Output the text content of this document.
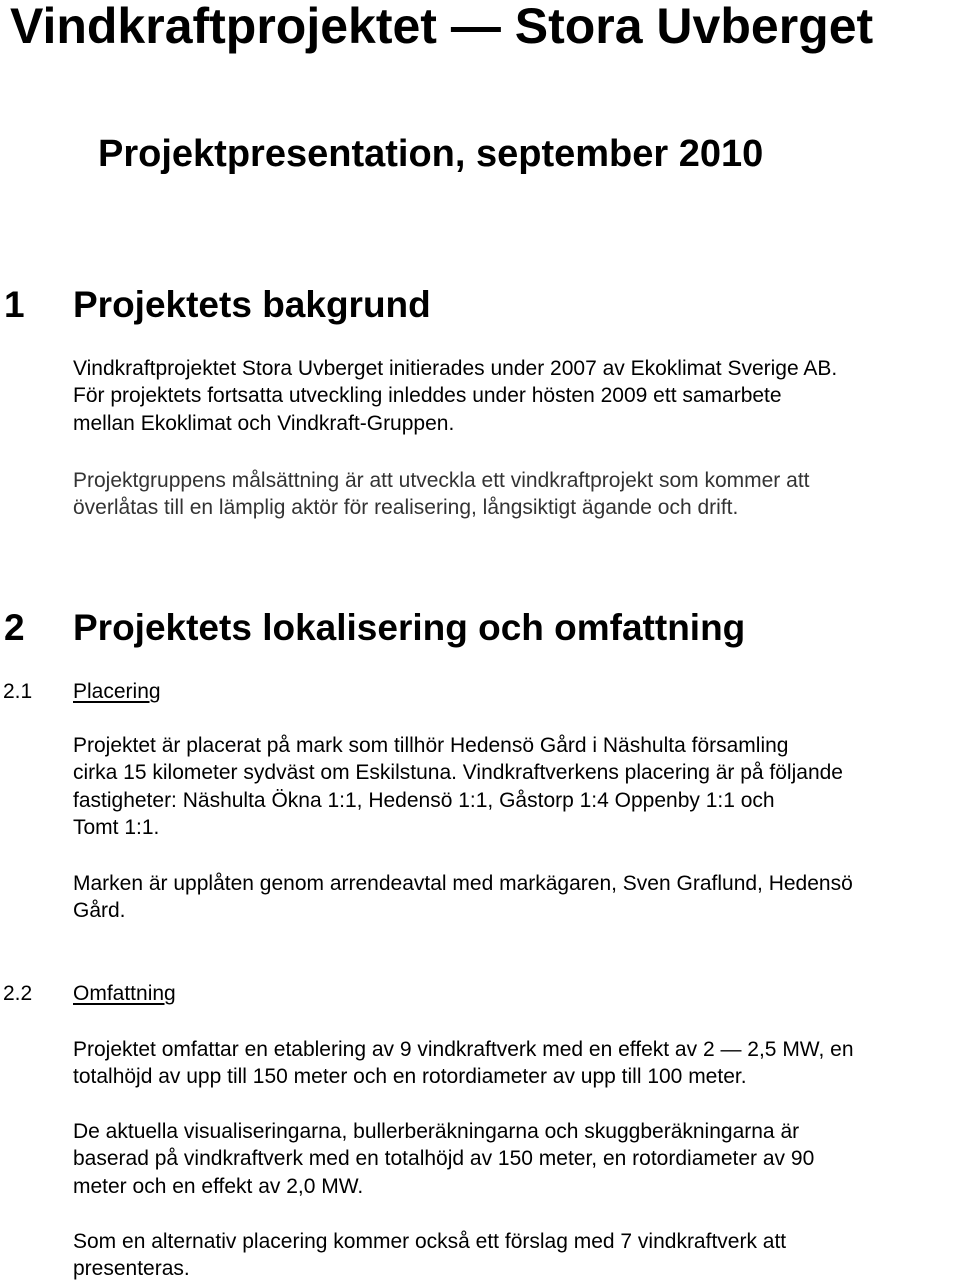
Vindkraftprojektet — Stora Uvberget
Projektpresentation, september 2010
1 Projektets bakgrund
Vindkraftprojektet Stora Uvberget initierades under 2007 av Ekoklimat Sverige AB.
För projektets fortsatta utveckling inleddes under hösten 2009 ett samarbete
mellan Ekoklimat och Vindkraft-Gruppen.
Projektgruppens målsättning är att utveckla ett vindkraftprojekt som kommer att
överlåtas till en lämplig aktör för realisering, långsiktigt ägande och drift.
2 Projektets lokalisering och omfattning
2.1 Placering
Projektet är placerat på mark som tillhör Hedensö Gård i Näshulta församling
cirka 15 kilometer sydväst om Eskilstuna. Vindkraftverkens placering är på följande
fastigheter: Näshulta Ökna 1:1, Hedensö 1:1, Gåstorp 1:4 Oppenby 1:1 och
Tomt 1:1.
Marken är upplåten genom arrendeavtal med markägaren, Sven Graflund, Hedensö
Gård.
2.2 Omfattning
Projektet omfattar en etablering av 9 vindkraftverk med en effekt av 2 — 2,5 MW, en
totalhöjd av upp till 150 meter och en rotordiameter av upp till 100 meter.
De aktuella visualiseringarna, bullerberäkningarna och skuggberäkningarna är
baserad på vindkraftverk med en totalhöjd av 150 meter, en rotordiameter av 90
meter och en effekt av 2,0 MW.
Som en alternativ placering kommer också ett förslag med 7 vindkraftverk att
presenteras.
